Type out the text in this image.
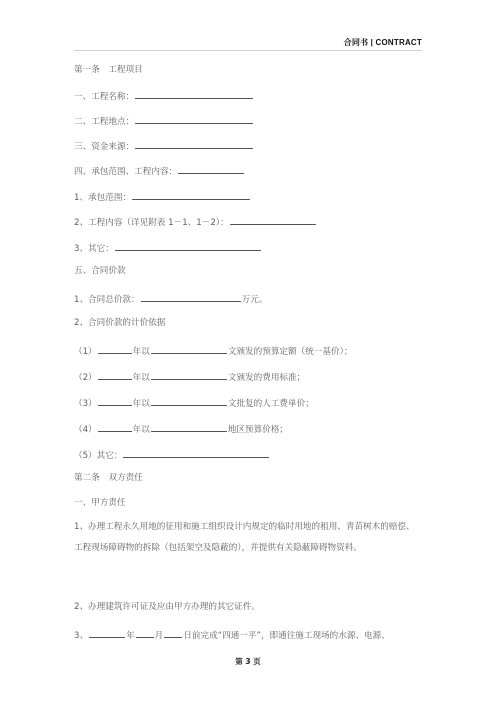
合同书 | CONTRACT
第一条　工程项目
一、工程名称：
二、工程地点：
三、资金来源：
四、承包范围、工程内容：
1、承包范围：
2、工程内容（详见附表 1－1、1－2）：
3、其它：
五、合同价款
1、合同总价款：	万元。
2、合同价款的计价依据
（1）	年以	文颁发的预算定额（统一基价）；
（2）	年以	文颁发的费用标准；
（3）	年以	文批复的人工费单价；
（4）	年以	地区预算价格；
（5）其它：
第二条　双方责任
一、甲方责任
1、办理工程永久用地的征用和施工组织设计内规定的临时用地的租用、青苗树木的赔偿、工程现场障碍物的拆除（包括架空及隐蔽的），并提供有关隐蔽障碍物资料。
2、办理建筑许可证及应由甲方办理的其它证件。
3、	年 月 日前完成“四通一平”，即通往施工现场的水源、电源、
第 3 页
